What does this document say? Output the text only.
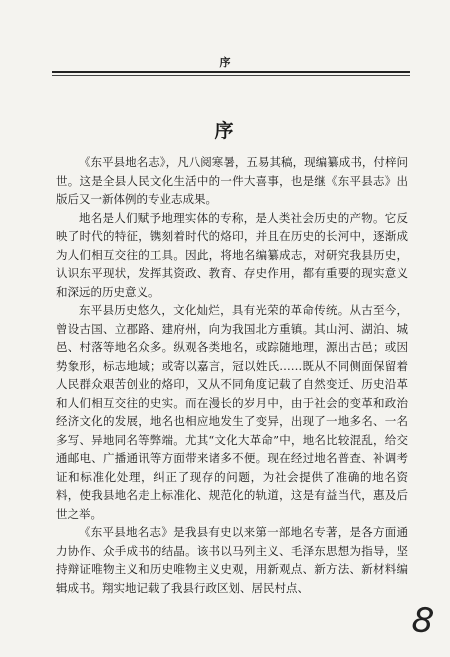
序
序

《东平县地名志》，凡八阅寒暑，五易其稿，现编纂成书，付梓问世。这是全县人民文化生活中的一件大喜事，也是继《东平县志》出版后又一新体例的专业志成果。

地名是人们赋予地理实体的专称，是人类社会历史的产物。它反映了时代的特征，镌刻着时代的烙印，并且在历史的长河中，逐渐成为人们相互交往的工具。因此，将地名编纂成志，对研究我县历史，认识东平现状，发挥其资政、教育、存史作用，都有重要的现实意义和深远的历史意义。

东平县历史悠久，文化灿烂，具有光荣的革命传统。从古至今，曾设古国、立郡路、建府州，向为我国北方重镇。其山河、湖泊、城邑、村落等地名众多。纵观各类地名，或踪随地理，源出古邑；或因势象形，标志地域；或寄以嘉言，冠以姓氏……既从不同侧面保留着人民群众艰苦创业的烙印，又从不同角度记载了自然变迁、历史沿革和人们相互交往的史实。而在漫长的岁月中，由于社会的变革和政治经济文化的发展，地名也相应地发生了变异，出现了一地多名、一名多写、异地同名等弊端。尤其“文化大革命”中，地名比较混乱，给交通邮电、广播通讯等方面带来诸多不便。现在经过地名普查、补调考证和标准化处理，纠正了现存的问题，为社会提供了准确的地名资料，使我县地名走上标准化、规范化的轨道，这是有益当代，惠及后世之举。

《东平县地名志》是我县有史以来第一部地名专著，是各方面通力协作、众手成书的结晶。该书以马列主义、毛泽东思想为指导，坚持辩证唯物主义和历史唯物主义史观，用新观点、新方法、新材料编辑成书。翔实地记载了我县行政区划、居民村点、

8
